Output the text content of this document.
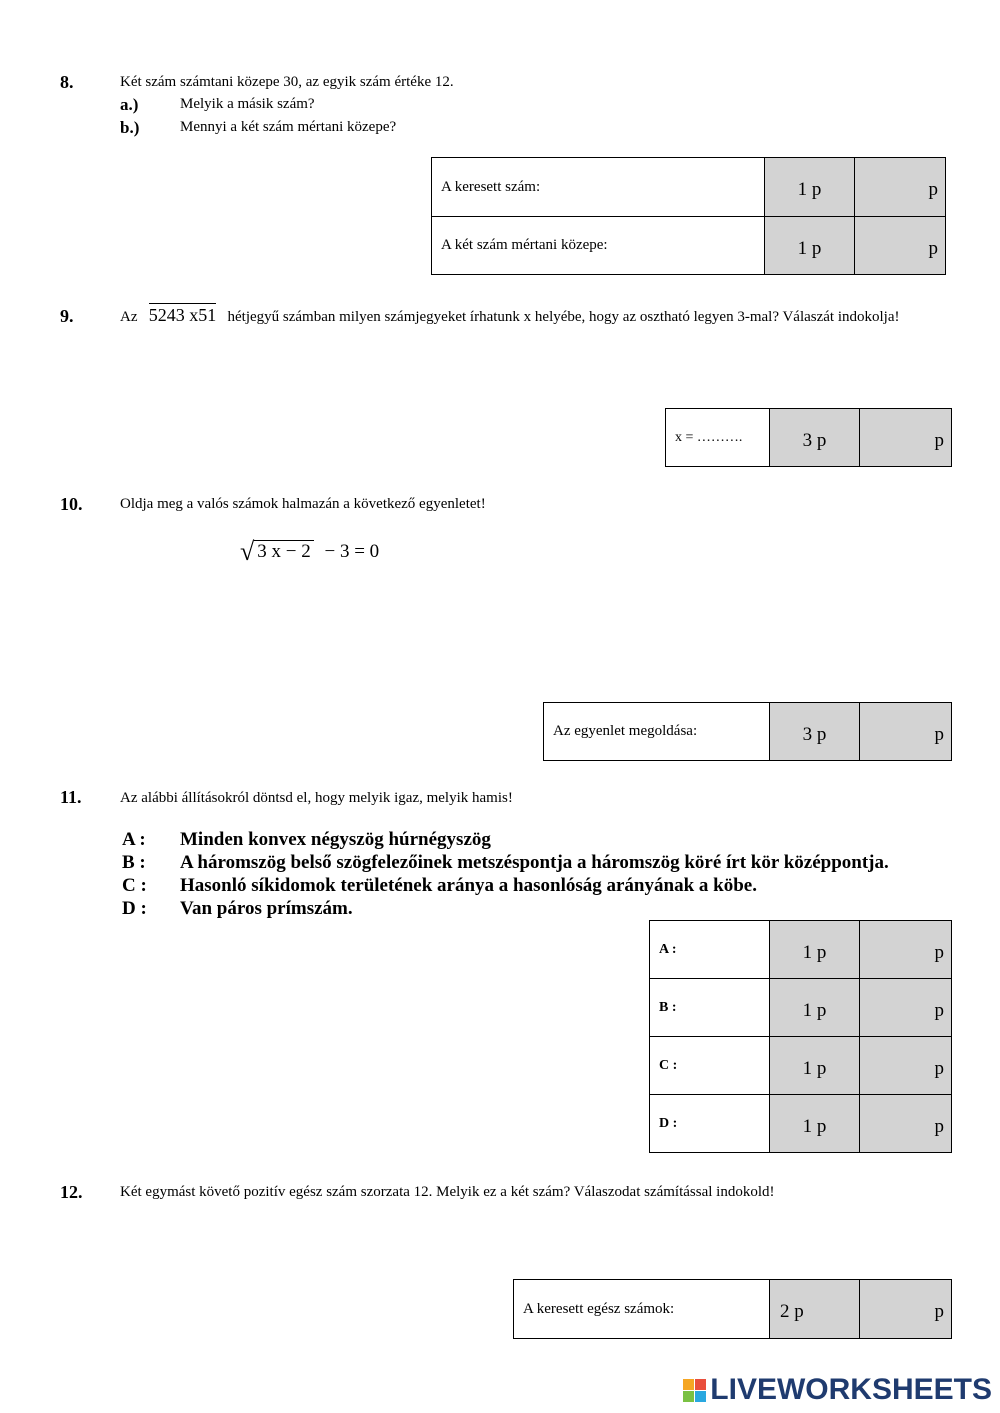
8.	Két szám számtani közepe 30, az egyik szám értéke 12.
a.)	Melyik a másik szám?
b.)	Mennyi a két szám mértani közepe?
A keresett szám:	1 p	p
A két szám mértani közepe:	1 p	p
9.	Az 5243 x51 hétjegyű számban milyen számjegyeket írhatunk x helyébe, hogy az osztható legyen 3-mal? Válaszát indokolja!
x = ……….	3 p	p
10.	Oldja meg a valós számok halmazán a következő egyenletet!
√ 3 x − 2 − 3 = 0
Az egyenlet megoldása:	3 p	p
11.	Az alábbi állításokról döntsd el, hogy melyik igaz, melyik hamis!
A : Minden konvex négyszög húrnégyszög
B : A háromszög belső szögfelezőinek metszéspontja a háromszög köré írt kör középpontja.
C : Hasonló síkidomok területének aránya a hasonlóság arányának a köbe.
D : Van páros prímszám.
A :	1 p	p
B :	1 p	p
C :	1 p	p
D :	1 p	p
12.	Két egymást követő pozitív egész szám szorzata 12. Melyik ez a két szám? Válaszodat számítással indokold!
A keresett egész számok:	2 p	p
LIVEWORKSHEETS
